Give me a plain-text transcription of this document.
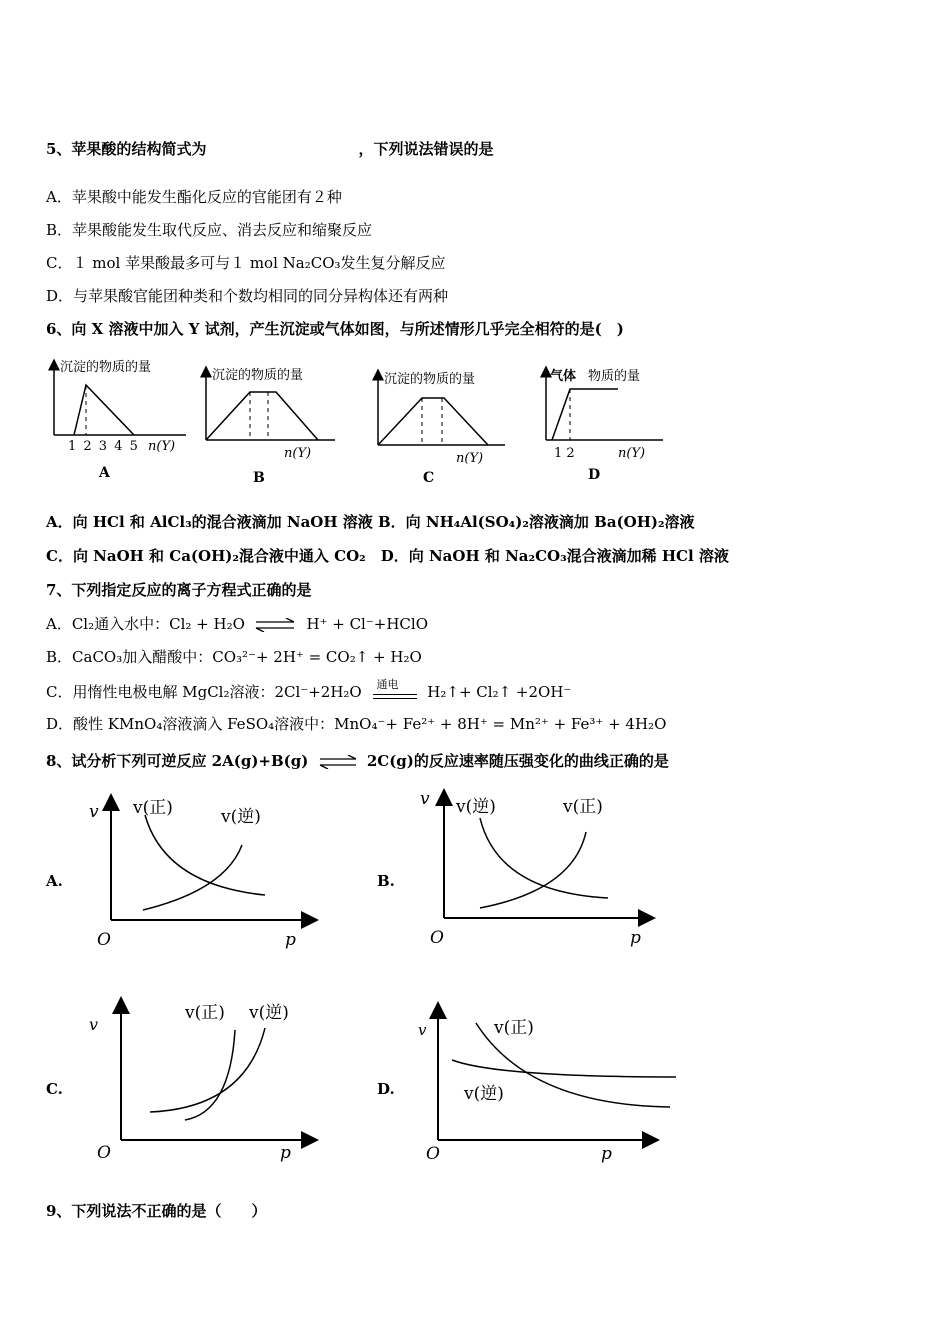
5、苹果酸的结构简式为	，下列说法错误的是
A．苹果酸中能发生酯化反应的官能团有２种
B．苹果酸能发生取代反应、消去反应和缩聚反应
C．１ mol 苹果酸最多可与１ mol Na₂CO₃发生复分解反应
D．与苹果酸官能团种类和个数均相同的同分异构体还有两种
6、向 X 溶液中加入 Y 试剂，产生沉淀或气体如图，与所述情形几乎完全相符的是(　)
沉淀的物质的量
1 2 3 4 5 n(Y)
A
沉淀的物质的量
n(Y)
B
沉淀的物质的量
n(Y)
C
气体 物质的量
1 2	n(Y)
D
A．向 HCl 和 AlCl₃的混合液滴加 NaOH 溶液 B．向 NH₄Al(SO₄)₂溶液滴加 Ba(OH)₂溶液
C．向 NaOH 和 Ca(OH)₂混合液中通入 CO₂　D．向 NaOH 和 Na₂CO₃混合液滴加稀 HCl 溶液
7、下列指定反应的离子方程式正确的是
A．Cl₂通入水中：Cl₂ + H₂O ⇌ H⁺ + Cl⁻+HClO
B．CaCO₃加入醋酸中：CO₃²⁻+ 2H⁺ = CO₂↑ + H₂O
C．用惰性电极电解 MgCl₂溶液：2Cl⁻+2H₂O 通电 H₂↑+ Cl₂↑ +2OH⁻
D．酸性 KMnO₄溶液滴入 FeSO₄溶液中：MnO₄⁻+ Fe²⁺ + 8H⁺ = Mn²⁺ + Fe³⁺ + 4H₂O
8、试分析下列可逆反应 2A(g)+B(g) ⇌ 2C(g)的反应速率随压强变化的曲线正确的是
A.
v v(正)	v(逆)
O	p
B.
v v(逆)	v(正)
O	p
C.
v
v(正) v(逆)
O	p
D.
v	v(正)
v(逆)
O	p
9、下列说法不正确的是（　　）
